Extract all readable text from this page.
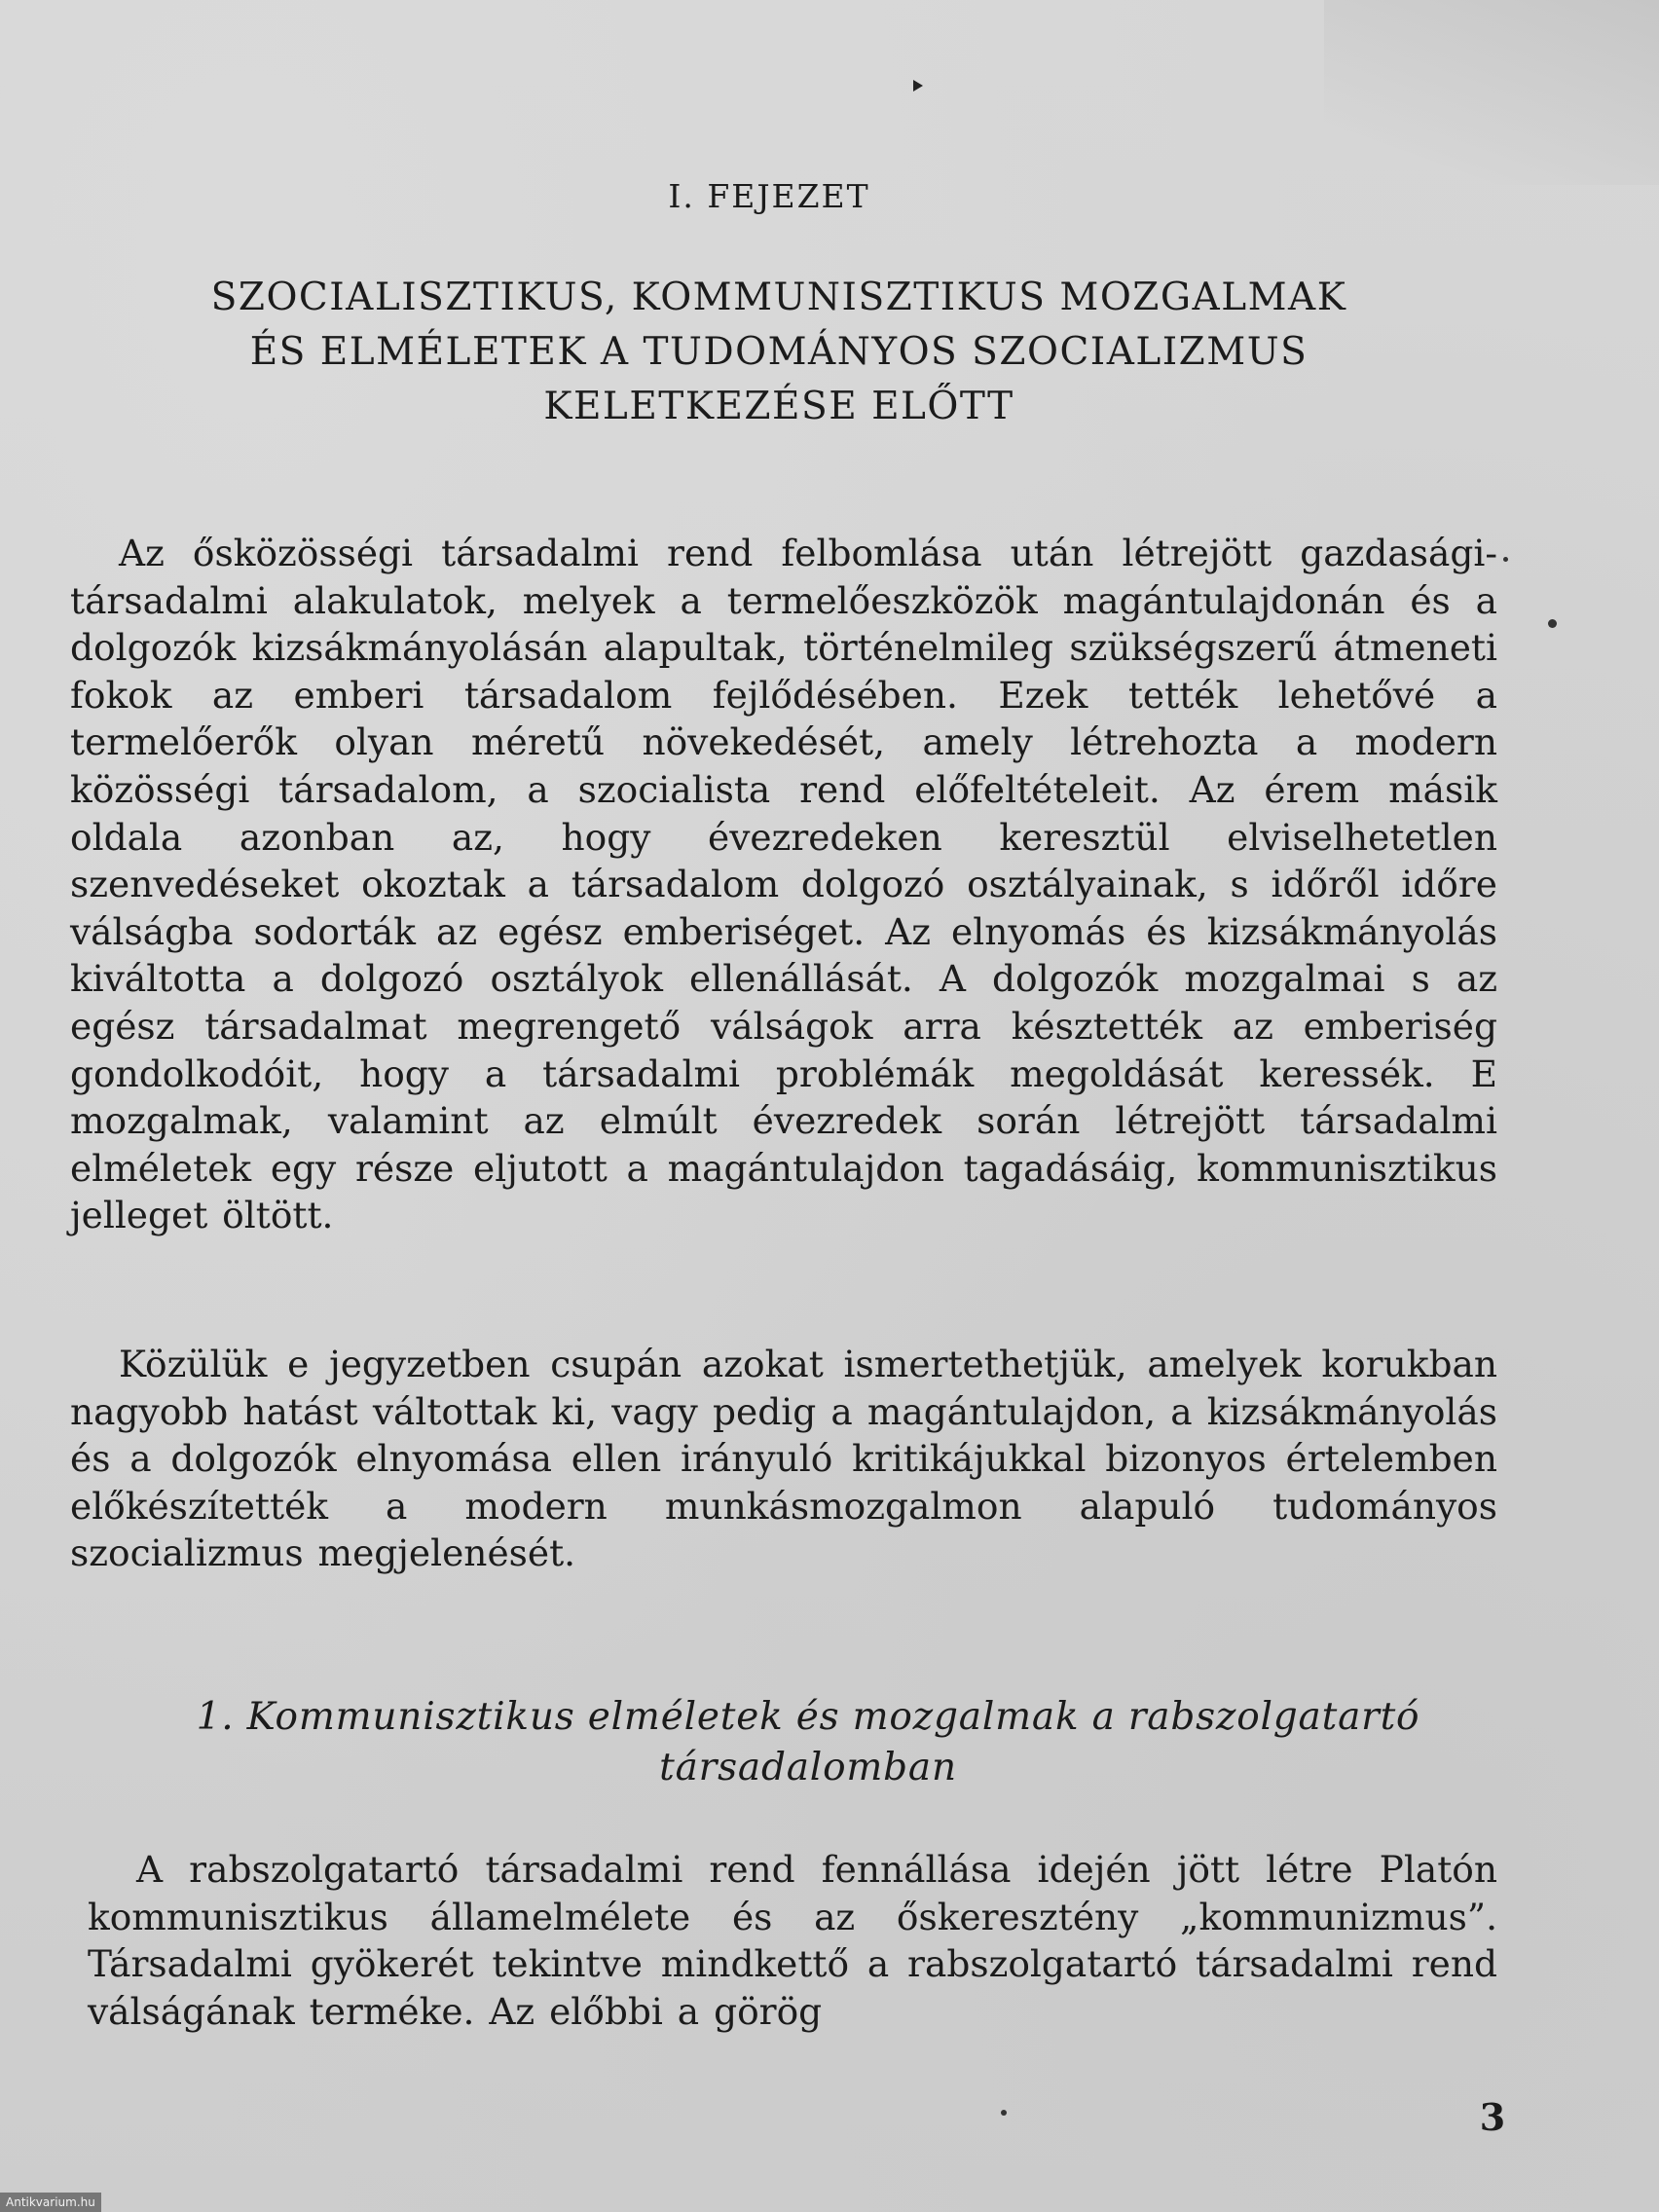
I. FEJEZET
SZOCIALISZTIKUS, KOMMUNISZTIKUS MOZGALMAK
ÉS ELMÉLETEK A TUDOMÁNYOS SZOCIALIZMUS
KELETKEZÉSE ELŐTT

Az ősközösségi társadalmi rend felbomlása után létrejött gazdasági-társadalmi alakulatok, melyek a termelőeszközök magántulajdonán és a dolgozók kizsákmányolásán alapultak, történelmileg szükségszerű átmeneti fokok az emberi társadalom fejlődésében. Ezek tették lehetővé a termelőerők olyan méretű növekedését, amely létrehozta a modern közösségi társadalom, a szocialista rend előfeltételeit. Az érem másik oldala azonban az, hogy évezredeken keresztül elviselhetetlen szenvedéseket okoztak a társadalom dolgozó osztályainak, s időről időre válságba sodorták az egész emberiséget. Az elnyomás és kizsákmányolás kiváltotta a dolgozó osztályok ellenállását. A dolgozók mozgalmai s az egész társadalmat megrengető válságok arra késztették az emberiség gondolkodóit, hogy a társadalmi problémák megoldását keressék. E mozgalmak, valamint az elmúlt évezredek során létrejött társadalmi elméletek egy része eljutott a magántulajdon tagadásáig, kommunisztikus jelleget öltött.

Közülük e jegyzetben csupán azokat ismertethetjük, amelyek korukban nagyobb hatást váltottak ki, vagy pedig a magántulajdon, a kizsákmányolás és a dolgozók elnyomása ellen irányuló kritikájukkal bizonyos értelemben előkészítették a modern munkásmozgalmon alapuló tudományos szocializmus megjelenését.

1. Kommunisztikus elméletek és mozgalmak a rabszolgatartó
társadalomban

A rabszolgatartó társadalmi rend fennállása idején jött létre Platón kommunisztikus államelmélete és az őskeresztény „kommunizmus”. Társadalmi gyökerét tekintve mindkettő a rabszolgatartó társadalmi rend válságának terméke. Az előbbi a görög

3
Antikvarium.hu
